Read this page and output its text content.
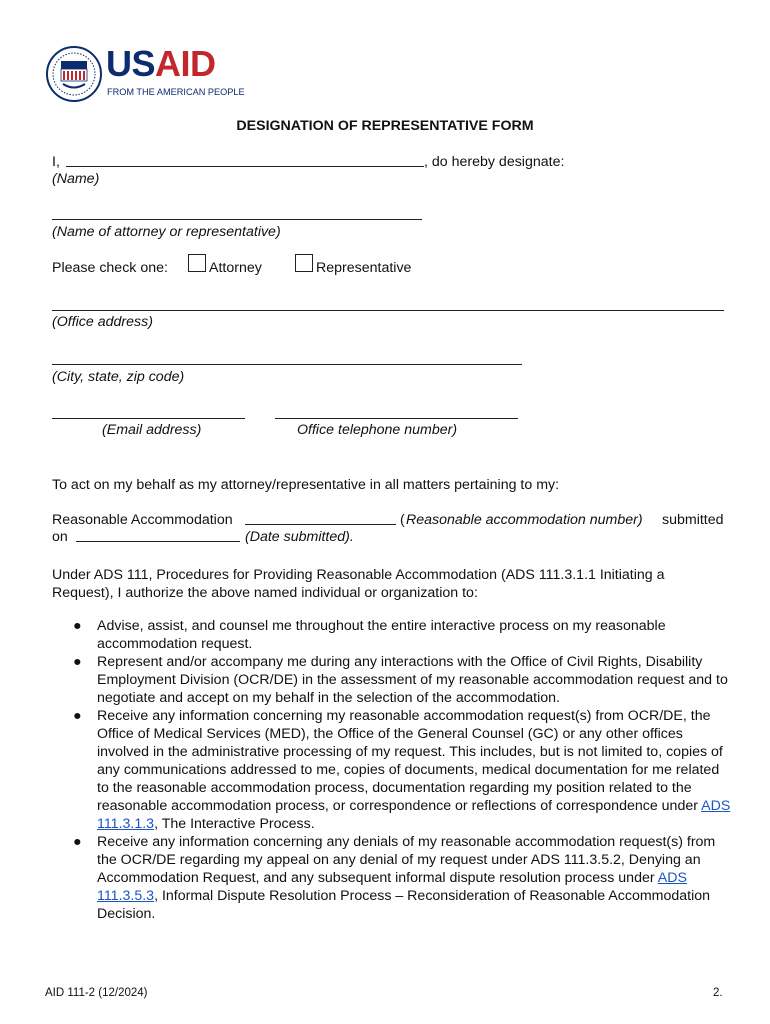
USAID
FROM THE AMERICAN PEOPLE
DESIGNATION OF REPRESENTATIVE FORM
I,	, do hereby designate:
(Name)
(Name of attorney or representative)
Please check one:	Attorney	Representative
(Office address)
(City, state, zip code)
(Email address)	Office telephone number)
To act on my behalf as my attorney/representative in all matters pertaining to my:
Reasonable Accommodation	( Reasonable accommodation number) submitted
on	(Date submitted).
Under ADS 111, Procedures for Providing Reasonable Accommodation (ADS 111.3.1.1 Initiating a Request), I authorize the above named individual or organization to:
● Advise, assist, and counsel me throughout the entire interactive process on my reasonable accommodation request.
● Represent and/or accompany me during any interactions with the Office of Civil Rights, Disability Employment Division (OCR/DE) in the assessment of my reasonable accommodation request and to negotiate and accept on my behalf in the selection of the accommodation.
● Receive any information concerning my reasonable accommodation request(s) from OCR/DE, the Office of Medical Services (MED), the Office of the General Counsel (GC) or any other offices involved in the administrative processing of my request. This includes, but is not limited to, copies of any communications addressed to me, copies of documents, medical documentation for me related to the reasonable accommodation process, documentation regarding my position related to the reasonable accommodation process, or correspondence or reflections of correspondence under ADS 111.3.1.3, The Interactive Process.
● Receive any information concerning any denials of my reasonable accommodation request(s) from the OCR/DE regarding my appeal on any denial of my request under ADS 111.3.5.2, Denying an Accommodation Request, and any subsequent informal dispute resolution process under ADS 111.3.5.3, Informal Dispute Resolution Process – Reconsideration of Reasonable Accommodation Decision.
AID 111-2 (12/2024)	2.
